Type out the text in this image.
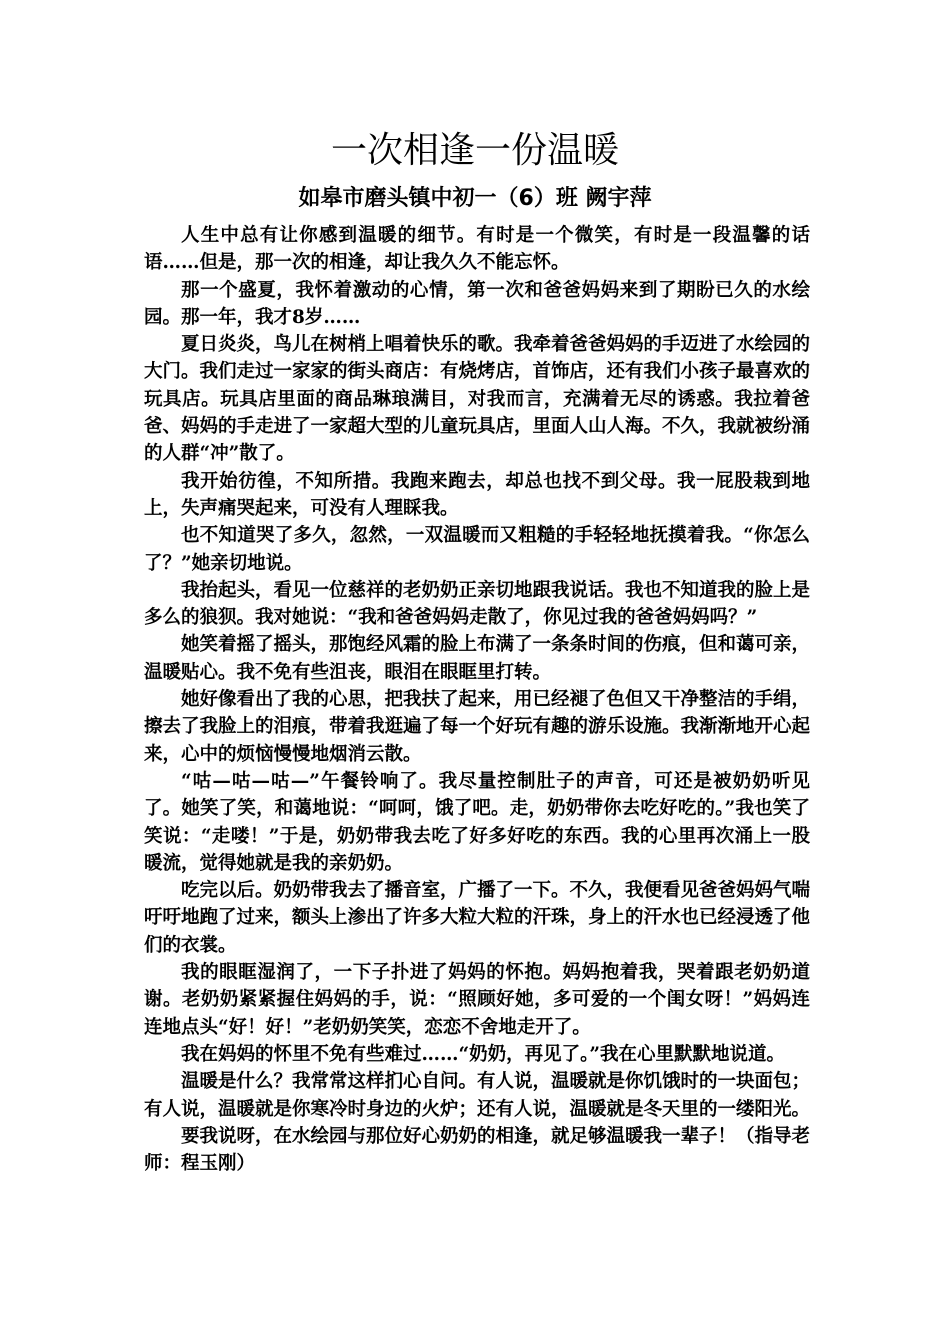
一次相逢一份温暖
如皋市磨头镇中初一（6）班 阙宇萍

人生中总有让你感到温暖的细节。有时是一个微笑，有时是一段温馨的话语……但是，那一次的相逢，却让我久久不能忘怀。

那一个盛夏，我怀着激动的心情，第一次和爸爸妈妈来到了期盼已久的水绘园。那一年，我才8岁……

夏日炎炎，鸟儿在树梢上唱着快乐的歌。我牵着爸爸妈妈的手迈进了水绘园的大门。我们走过一家家的街头商店：有烧烤店，首饰店，还有我们小孩子最喜欢的玩具店。玩具店里面的商品琳琅满目，对我而言，充满着无尽的诱惑。我拉着爸爸、妈妈的手走进了一家超大型的儿童玩具店，里面人山人海。不久，我就被纷涌的人群“冲”散了。

我开始彷徨，不知所措。我跑来跑去，却总也找不到父母。我一屁股栽到地上，失声痛哭起来，可没有人理睬我。

也不知道哭了多久，忽然，一双温暖而又粗糙的手轻轻地抚摸着我。“你怎么了？”她亲切地说。

我抬起头，看见一位慈祥的老奶奶正亲切地跟我说话。我也不知道我的脸上是多么的狼狈。我对她说：“我和爸爸妈妈走散了，你见过我的爸爸妈妈吗？”

她笑着摇了摇头，那饱经风霜的脸上布满了一条条时间的伤痕，但和蔼可亲，温暖贴心。我不免有些沮丧，眼泪在眼眶里打转。

她好像看出了我的心思，把我扶了起来，用已经褪了色但又干净整洁的手绢，擦去了我脸上的泪痕，带着我逛遍了每一个好玩有趣的游乐设施。我渐渐地开心起来，心中的烦恼慢慢地烟消云散。

“咕—咕—咕—”午餐铃响了。我尽量控制肚子的声音，可还是被奶奶听见了。她笑了笑，和蔼地说：“呵呵，饿了吧。走，奶奶带你去吃好吃的。”我也笑了笑说：“走喽！”于是，奶奶带我去吃了好多好吃的东西。我的心里再次涌上一股暖流，觉得她就是我的亲奶奶。

吃完以后。奶奶带我去了播音室，广播了一下。不久，我便看见爸爸妈妈气喘吁吁地跑了过来，额头上渗出了许多大粒大粒的汗珠，身上的汗水也已经浸透了他们的衣裳。

我的眼眶湿润了，一下子扑进了妈妈的怀抱。妈妈抱着我，哭着跟老奶奶道谢。老奶奶紧紧握住妈妈的手，说：“照顾好她，多可爱的一个闺女呀！”妈妈连连地点头“好！好！”老奶奶笑笑，恋恋不舍地走开了。

我在妈妈的怀里不免有些难过……“奶奶，再见了。”我在心里默默地说道。

温暖是什么？我常常这样扪心自问。有人说，温暖就是你饥饿时的一块面包；有人说，温暖就是你寒冷时身边的火炉；还有人说，温暖就是冬天里的一缕阳光。

要我说呀，在水绘园与那位好心奶奶的相逢，就足够温暖我一辈子！（指导老师：程玉刚）
